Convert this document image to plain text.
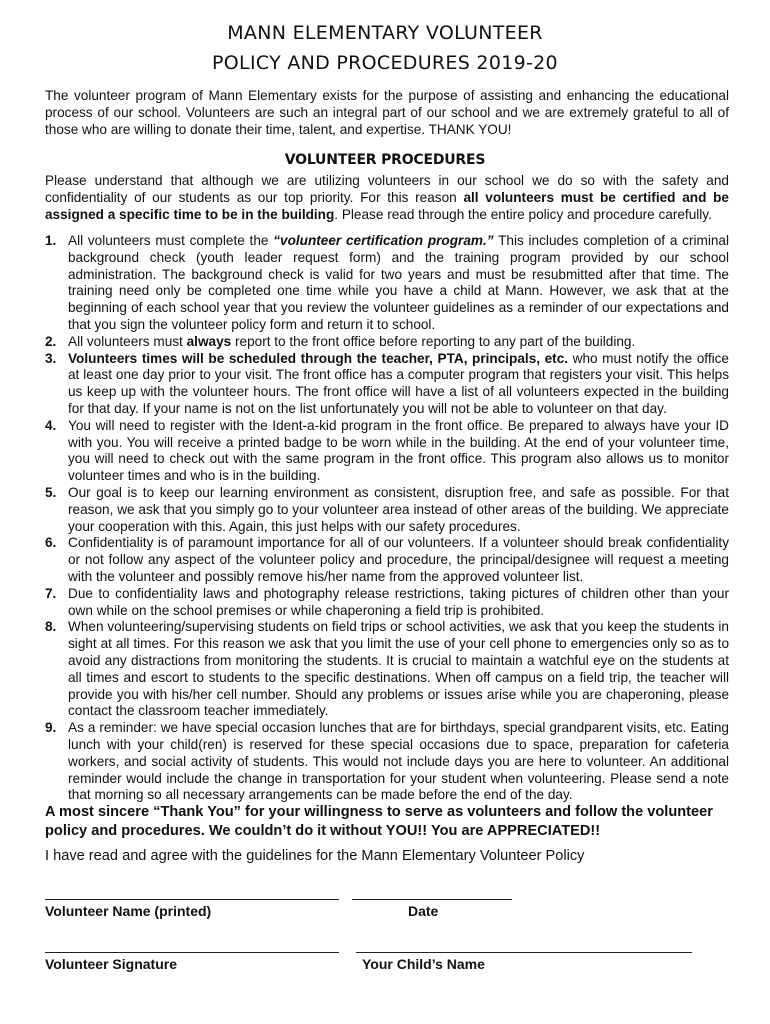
MANN ELEMENTARY VOLUNTEER
POLICY AND PROCEDURES 2019-20

The volunteer program of Mann Elementary exists for the purpose of assisting and enhancing the educational process of our school. Volunteers are such an integral part of our school and we are extremely grateful to all of those who are willing to donate their time, talent, and expertise. THANK YOU!

VOLUNTEER PROCEDURES

Please understand that although we are utilizing volunteers in our school we do so with the safety and confidentiality of our students as our top priority. For this reason all volunteers must be certified and be assigned a specific time to be in the building. Please read through the entire policy and procedure carefully.

1. All volunteers must complete the “volunteer certification program.” This includes completion of a criminal background check (youth leader request form) and the training program provided by our school administration. The background check is valid for two years and must be resubmitted after that time. The training need only be completed one time while you have a child at Mann. However, we ask that at the beginning of each school year that you review the volunteer guidelines as a reminder of our expectations and that you sign the volunteer policy form and return it to school.
2. All volunteers must always report to the front office before reporting to any part of the building.
3. Volunteers times will be scheduled through the teacher, PTA, principals, etc. who must notify the office at least one day prior to your visit. The front office has a computer program that registers your visit. This helps us keep up with the volunteer hours. The front office will have a list of all volunteers expected in the building for that day. If your name is not on the list unfortunately you will not be able to volunteer on that day.
4. You will need to register with the Ident-a-kid program in the front office. Be prepared to always have your ID with you. You will receive a printed badge to be worn while in the building. At the end of your volunteer time, you will need to check out with the same program in the front office. This program also allows us to monitor volunteer times and who is in the building.
5. Our goal is to keep our learning environment as consistent, disruption free, and safe as possible. For that reason, we ask that you simply go to your volunteer area instead of other areas of the building. We appreciate your cooperation with this. Again, this just helps with our safety procedures.
6. Confidentiality is of paramount importance for all of our volunteers. If a volunteer should break confidentiality or not follow any aspect of the volunteer policy and procedure, the principal/designee will request a meeting with the volunteer and possibly remove his/her name from the approved volunteer list.
7. Due to confidentiality laws and photography release restrictions, taking pictures of children other than your own while on the school premises or while chaperoning a field trip is prohibited.
8. When volunteering/supervising students on field trips or school activities, we ask that you keep the students in sight at all times. For this reason we ask that you limit the use of your cell phone to emergencies only so as to avoid any distractions from monitoring the students. It is crucial to maintain a watchful eye on the students at all times and escort to students to the specific destinations. When off campus on a field trip, the teacher will provide you with his/her cell number. Should any problems or issues arise while you are chaperoning, please contact the classroom teacher immediately.
9. As a reminder: we have special occasion lunches that are for birthdays, special grandparent visits, etc. Eating lunch with your child(ren) is reserved for these special occasions due to space, preparation for cafeteria workers, and social activity of students. This would not include days you are here to volunteer. An additional reminder would include the change in transportation for your student when volunteering. Please send a note that morning so all necessary arrangements can be made before the end of the day.

A most sincere “Thank You” for your willingness to serve as volunteers and follow the volunteer policy and procedures. We couldn’t do it without YOU!! You are APPRECIATED!!

I have read and agree with the guidelines for the Mann Elementary Volunteer Policy

Volunteer Name (printed)	Date

Volunteer Signature	Your Child’s Name
